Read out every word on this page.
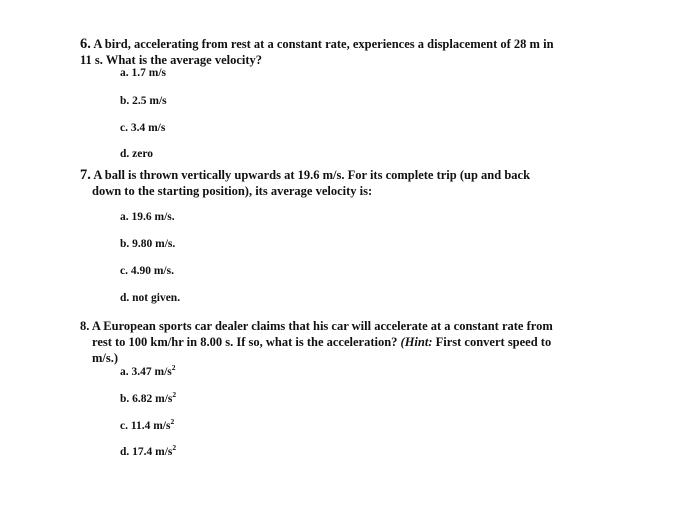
6. A bird, accelerating from rest at a constant rate, experiences a displacement of 28 m in
11 s. What is the average velocity?
a. 1.7 m/s
b. 2.5 m/s
c. 3.4 m/s
d. zero
7. A ball is thrown vertically upwards at 19.6 m/s. For its complete trip (up and back
down to the starting position), its average velocity is:
a. 19.6 m/s.
b. 9.80 m/s.
c. 4.90 m/s.
d. not given.
8. A European sports car dealer claims that his car will accelerate at a constant rate from
rest to 100 km/hr in 8.00 s. If so, what is the acceleration? (Hint: First convert speed to
m/s.)
a. 3.47 $m/s^2$
b. 6.82 $m/s^2$
c. 11.4 $m/s^2$
d. 17.4 $m/s^2$
